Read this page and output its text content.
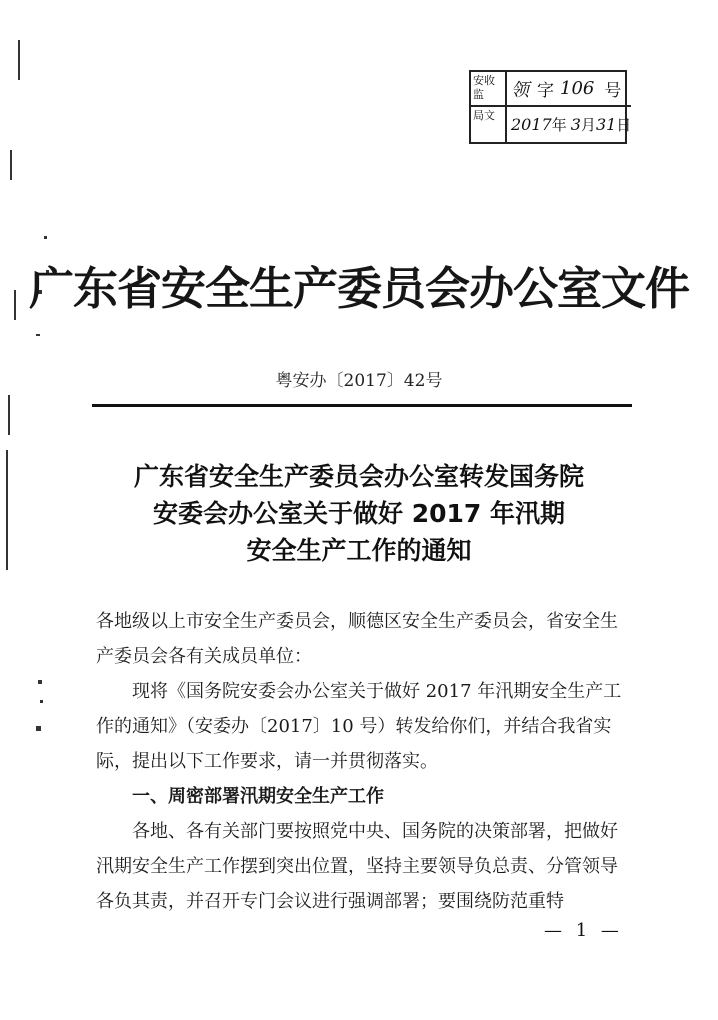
安收监	领 字 106 号
局文	2017 年 3 月 31 日
广东省安全生产委员会办公室文件
粤安办〔2017〕42号
广东省安全生产委员会办公室转发国务院
安委会办公室关于做好 2017 年汛期
安全生产工作的通知

各地级以上市安全生产委员会，顺德区安全生产委员会，省安全生产委员会各有关成员单位：

现将《国务院安委会办公室关于做好 2017 年汛期安全生产工作的通知》（安委办〔2017〕10 号）转发给你们，并结合我省实际，提出以下工作要求，请一并贯彻落实。

一、周密部署汛期安全生产工作

各地、各有关部门要按照党中央、国务院的决策部署，把做好汛期安全生产工作摆到突出位置，坚持主要领导负总责、分管领导各负其责，并召开专门会议进行强调部署；要围绕防范重特

— 1 —
